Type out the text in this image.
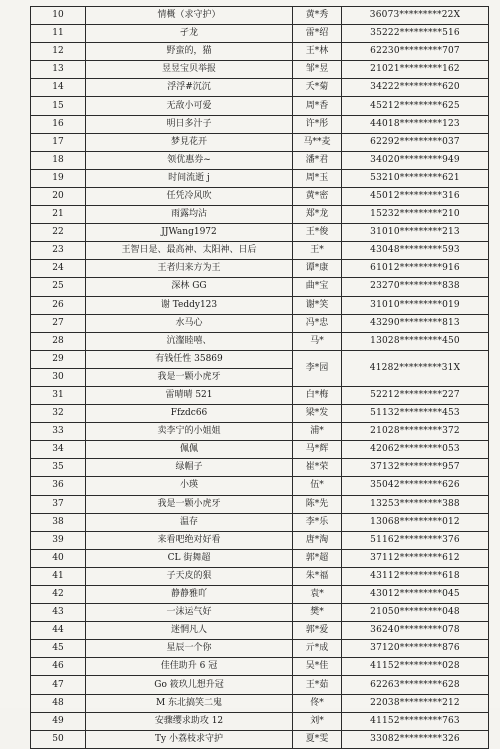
10	情概（求守护）	黄*秀	36073*********22X
11	孑龙	雷*绍	35222*********516
12	野蛮的，猫	王*林	62230*********707
13	昱昱宝贝举报	邹*昱	21021*********162
14	浮浮#沉沉	夭*菊	34222*********620
15	无敌小可爱	周*香	45212*********625
16	明日多汁子	许*彤	44018*********123
17	梦見花开	马**麦	62292*********037
18	领优惠券~	潘*君	34020*********949
19	时间流逝 j	周*玉	53210*********621
20	任凭冷风吹	黄*密	45012*********316
21	雨露均沾	郑*龙	15232*********210
22	JJWang1972	王*俊	31010*********213
23	王智日是、最高神、太阳神、日后	王*	43048*********593
24	王者归来方为王	谭*康	61012*********916
25	深林 GG	曲*宝	23270*********838
26	谢 Teddy123	谢*笑	31010*********019
27	水马心	冯*忠	43290*********813
28	沆瀣睦嘻、	马*	13028*********450
29	有钱任性 35869	李*园	41282*********31X
30	我是一颗小虎牙		
31	雷晴晴 521	白*梅	52212*********227
32	Ffzdc66	梁*发	51132*********453
33	卖李宁的小姐姐	浦*	21028*********372
34	佩佩	马*辉	42062*********053
35	绿帽子	崔*荣	37132*********957
36	小瑛	伍*	35042*********626
37	我是一颗小虎牙	陈*先	13253*********388
38	温存	李*乐	13068*********012
39	来看吧绝对好看	唐*淘	51162*********376
40	CL 街舞超	郭*超	37112*********612
41	子天皮的狠	朱*福	43112*********618
42	静静雅吖	袁*	43012*********045
43	一沫运气好	樊*	21050*********048
44	迷惘凡人	郭*爱	36240*********078
45	星辰一个你	亓*成	37120*********876
46	佳佳助升 6 冠	吴*佳	41152*********028
47	Go 筱玖儿想升冠	王*茹	62263*********628
48	M 东北搞笑二鬼	佟*	22038*********212
49	安骤缨求助攻 12	刘*	41152*********763
50	Ty 小荔枝求守护	夏*雯	33082*********326
